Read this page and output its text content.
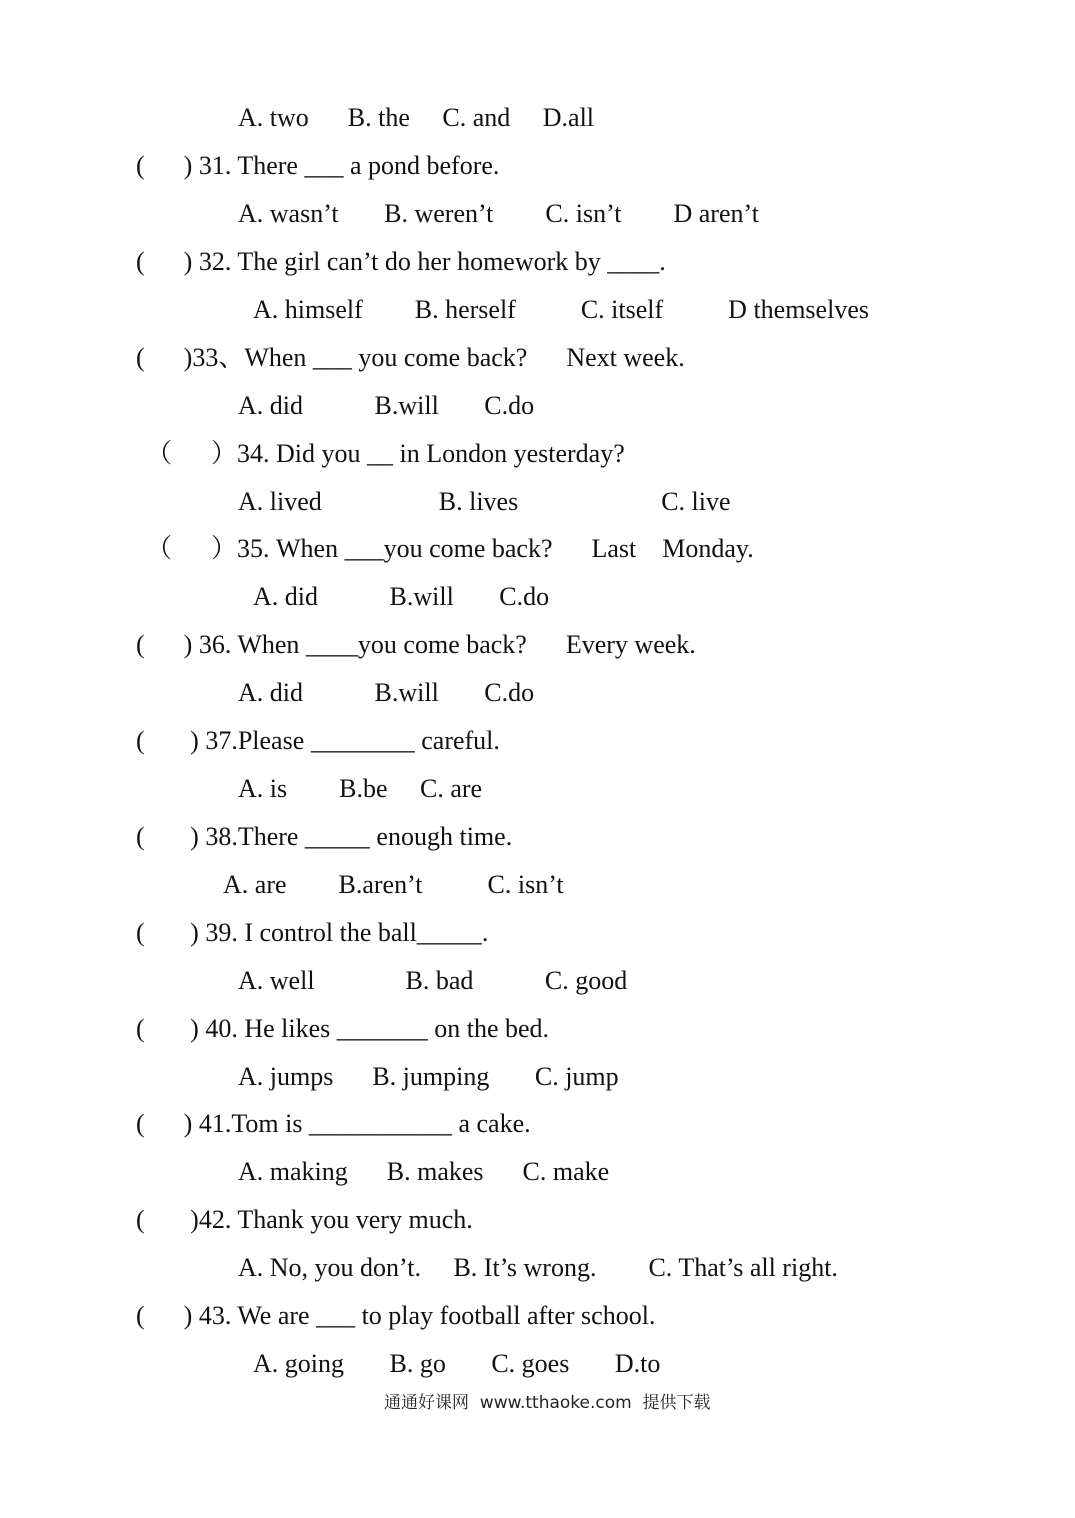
A. two      B. the     C. and     D.all
(      ) 31. There ___ a pond before.
A. wasn’t       B. weren’t        C. isn’t        D aren’t
(      ) 32. The girl can’t do her homework by ____.
A. himself        B. herself          C. itself          D themselves
(      )33、When ___ you come back?      Next week.
A. did           B.will       C.do
（      ）34. Did you __ in London yesterday?
A. lived                  B. lives                      C. live
（      ）35. When ___you come back?      Last    Monday.
A. did           B.will       C.do
(      ) 36. When ____you come back?      Every week.
A. did           B.will       C.do
(       ) 37.Please ________ careful.
A. is        B.be     C. are
(       ) 38.There _____ enough time.
A. are        B.aren’t          C. isn’t
(       ) 39. I control the ball_____.
A. well              B. bad           C. good
(       ) 40. He likes _______ on the bed.
A. jumps      B. jumping       C. jump
(      ) 41.Tom is ___________ a cake.
A. making      B. makes      C. make
(       )42. Thank you very much.
A. No, you don’t.     B. It’s wrong.        C. That’s all right.
(      ) 43. We are ___ to play football after school.
A. going       B. go       C. goes       D.to
通通好课网  www.tthaoke.com  提供下载
